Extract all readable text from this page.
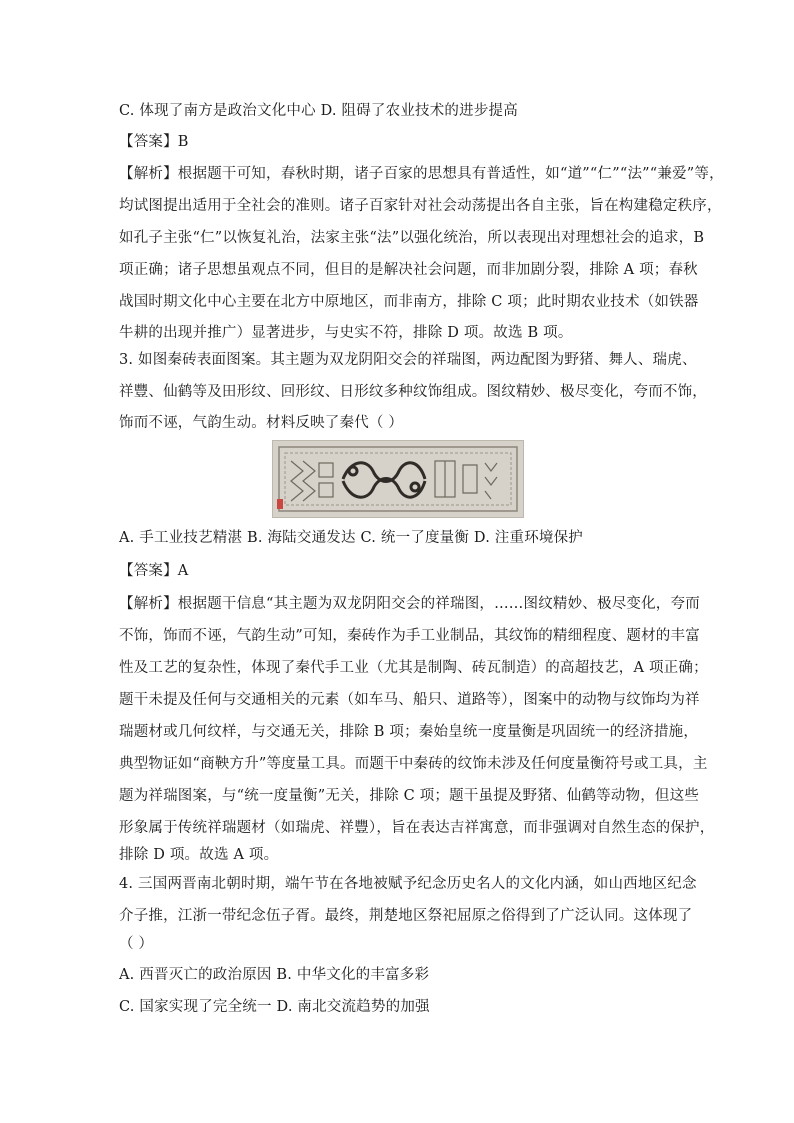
C. 体现了南方是政治文化中心 D. 阻碍了农业技术的进步提高
【答案】B
【解析】根据题干可知，春秋时期，诸子百家的思想具有普适性，如“道”“仁”“法”“兼爱”等，
均试图提出适用于全社会的准则。诸子百家针对社会动荡提出各自主张，旨在构建稳定秩序，
如孔子主张“仁”以恢复礼治，法家主张“法”以强化统治，所以表现出对理想社会的追求，B
项正确；诸子思想虽观点不同，但目的是解决社会问题，而非加剧分裂，排除 A 项；春秋
战国时期文化中心主要在北方中原地区，而非南方，排除 C 项；此时期农业技术（如铁器
牛耕的出现并推广）显著进步，与史实不符，排除 D 项。故选 B 项。
3. 如图秦砖表面图案。其主题为双龙阴阳交会的祥瑞图，两边配图为野猪、舞人、瑞虎、
祥豐、仙鹤等及田形纹、回形纹、日形纹多种纹饰组成。图纹精妙、极尽变化，夸而不饰，
饰而不诬，气韵生动。材料反映了秦代（ ）
A. 手工业技艺精湛 B. 海陆交通发达 C. 统一了度量衡 D. 注重环境保护
【答案】A
【解析】根据题干信息“其主题为双龙阴阳交会的祥瑞图，……图纹精妙、极尽变化，夸而
不饰，饰而不诬，气韵生动”可知，秦砖作为手工业制品，其纹饰的精细程度、题材的丰富
性及工艺的复杂性，体现了秦代手工业（尤其是制陶、砖瓦制造）的高超技艺，A 项正确；
题干未提及任何与交通相关的元素（如车马、船只、道路等），图案中的动物与纹饰均为祥
瑞题材或几何纹样，与交通无关，排除 B 项；秦始皇统一度量衡是巩固统一的经济措施，
典型物证如“商鞅方升”等度量工具。而题干中秦砖的纹饰未涉及任何度量衡符号或工具，主
题为祥瑞图案，与“统一度量衡”无关，排除 C 项；题干虽提及野猪、仙鹤等动物，但这些
形象属于传统祥瑞题材（如瑞虎、祥豐），旨在表达吉祥寓意，而非强调对自然生态的保护，
排除 D 项。故选 A 项。
4. 三国两晋南北朝时期，端午节在各地被赋予纪念历史名人的文化内涵，如山西地区纪念
介子推，江浙一带纪念伍子胥。最终，荆楚地区祭祀屈原之俗得到了广泛认同。这体现了
（ ）
A. 西晋灭亡的政治原因 B. 中华文化的丰富多彩
C. 国家实现了完全统一 D. 南北交流趋势的加强
